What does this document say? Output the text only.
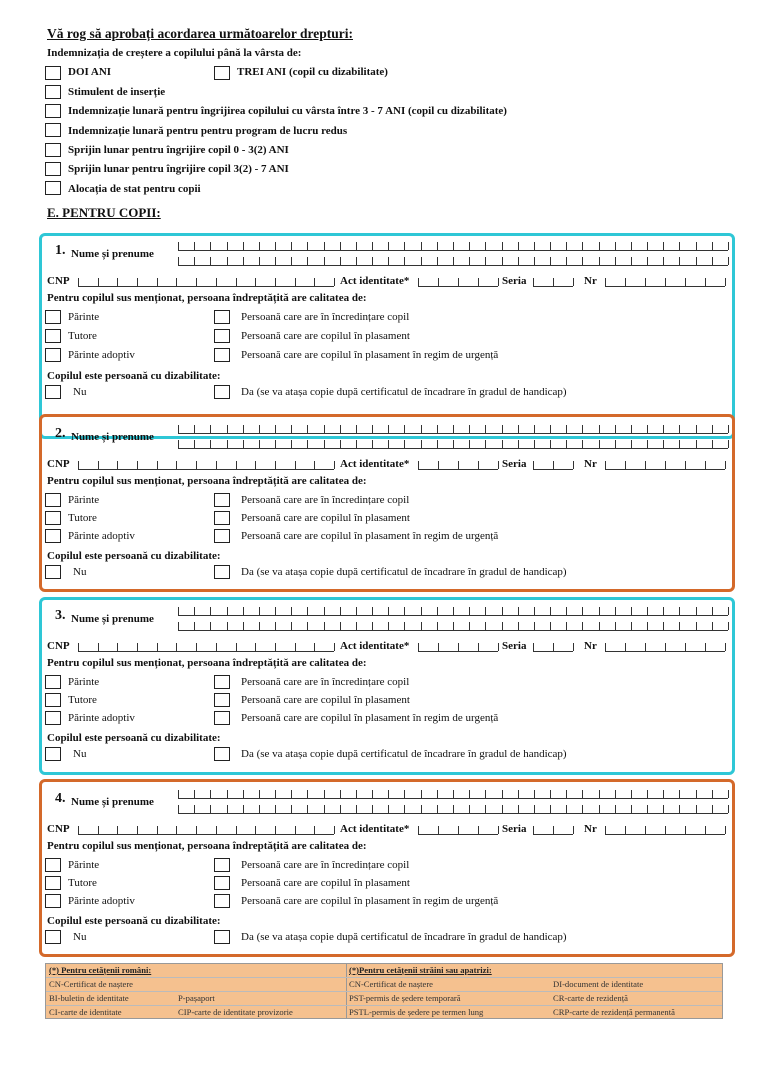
Vă rog să aprobați acordarea următoarelor drepturi:
Indemnizația de creștere a copilului până la vârsta de:
DOI ANI	TREI ANI (copil cu dizabilitate)
Stimulent de inserție
Indemnizație lunară pentru îngrijirea copilului cu vârsta între 3 - 7 ANI (copil cu dizabilitate)
Indemnizație lunară pentru pentru program de lucru redus
Sprijin lunar pentru îngrijire copil 0 - 3(2) ANI
Sprijin lunar pentru îngrijire copil 3(2) - 7 ANI
Alocația de stat pentru copii
E. PENTRU COPII:
1. Nume și prenume
CNP	Act identitate*	Seria	Nr
Pentru copilul sus menționat, persoana îndreptățită are calitatea de:
Părinte	Persoană care are în încredințare copil
Tutore	Persoană care are copilul în plasament
Părinte adoptiv	Persoană care are copilul în plasament în regim de urgență
Copilul este persoană cu dizabilitate:
Nu	Da (se va atașa copie după certificatul de încadrare în gradul de handicap)
2. Nume și prenume
CNP	Act identitate*	Seria	Nr
Pentru copilul sus menționat, persoana îndreptățită are calitatea de:
Părinte	Persoană care are în încredințare copil
Tutore	Persoană care are copilul în plasament
Părinte adoptiv	Persoană care are copilul în plasament în regim de urgență
Copilul este persoană cu dizabilitate:
Nu	Da (se va atașa copie după certificatul de încadrare în gradul de handicap)
3. Nume și prenume
CNP	Act identitate*	Seria	Nr
Pentru copilul sus menționat, persoana îndreptățită are calitatea de:
Părinte	Persoană care are în încredințare copil
Tutore	Persoană care are copilul în plasament
Părinte adoptiv	Persoană care are copilul în plasament în regim de urgență
Copilul este persoană cu dizabilitate:
Nu	Da (se va atașa copie după certificatul de încadrare în gradul de handicap)
4. Nume și prenume
CNP	Act identitate*	Seria	Nr
Pentru copilul sus menționat, persoana îndreptățită are calitatea de:
Părinte	Persoană care are în încredințare copil
Tutore	Persoană care are copilul în plasament
Părinte adoptiv	Persoană care are copilul în plasament în regim de urgență
Copilul este persoană cu dizabilitate:
Nu	Da (se va atașa copie după certificatul de încadrare în gradul de handicap)
(*) Pentru cetățenii români:
CN-Certificat de naștere
BI-buletin de identitate	P-pașaport
CI-carte de identitate	CIP-carte de identitate provizorie
(*)Pentru cetățenii străini sau apatrizi:
CN-Certificat de naștere	DI-document de identitate
PST-permis de ședere temporară	CR-carte de rezidență
PSTL-permis de ședere pe termen lung	CRP-carte de rezidență permanentă
